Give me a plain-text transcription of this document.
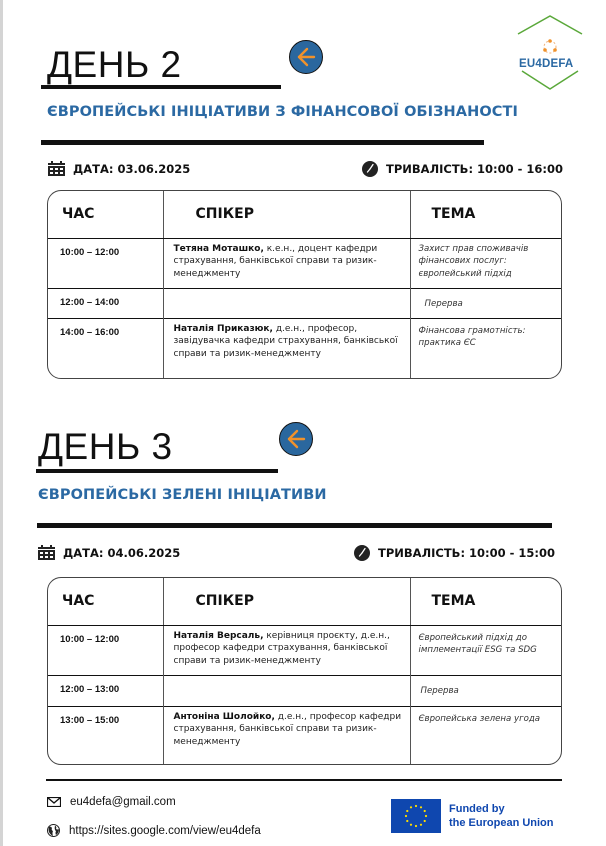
EU4DEFA
ДЕНЬ 2
ЄВРОПЕЙСЬКІ ІНІЦІАТИВИ З ФІНАНСОВОЇ ОБІЗНАНОСТІ
ДАТА: 03.06.2025	ТРИВАЛІСТЬ: 10:00 - 16:00
ЧАС	СПІКЕР	ТЕМА
10:00 – 12:00	Тетяна Моташко, к.е.н., доцент кафедри страхування, банківської справи та ризик-менеджменту	Захист прав споживачів фінансових послуг: європейський підхід
12:00 – 14:00		Перерва
14:00 – 16:00	Наталія Приказюк, д.е.н., професор, завідувачка кафедри страхування, банківської справи та ризик-менеджменту	Фінансова грамотність: практика ЄС
ДЕНЬ 3
ЄВРОПЕЙСЬКІ ЗЕЛЕНІ ІНІЦІАТИВИ
ДАТА: 04.06.2025	ТРИВАЛІСТЬ: 10:00 - 15:00
ЧАС	СПІКЕР	ТЕМА
10:00 – 12:00	Наталія Версаль, керівниця проєкту, д.е.н., професор кафедри страхування, банківської справи та ризик-менеджменту	Європейський підхід до імплементації ESG та SDG
12:00 – 13:00		Перерва
13:00 – 15:00	Антоніна Шолойко, д.е.н., професор кафедри страхування, банківської справи та ризик-менеджменту	Європейська зелена угода
eu4defa@gmail.com
https://sites.google.com/view/eu4defa
Funded by
the European Union
